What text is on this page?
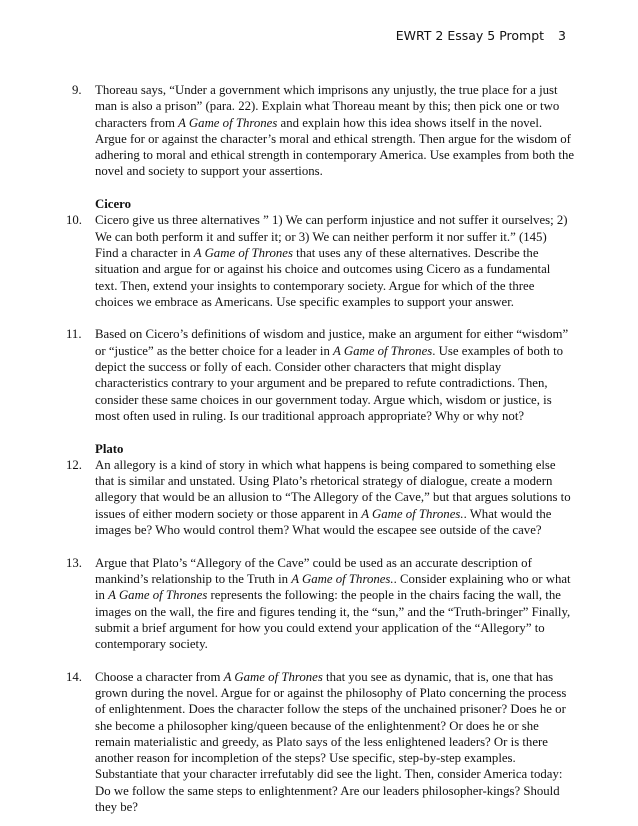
EWRT 2 Essay 5 Prompt 3
9.	Thoreau says, “Under a government which imprisons any unjustly, the true place for a just
man is also a prison” (para. 22). Explain what Thoreau meant by this; then pick one or two
characters from A Game of Thrones and explain how this idea shows itself in the novel.
Argue for or against the character’s moral and ethical strength. Then argue for the wisdom of
adhering to moral and ethical strength in contemporary America. Use examples from both the
novel and society to support your assertions.
Cicero
10.	Cicero give us three alternatives ” 1) We can perform injustice and not suffer it ourselves; 2)
We can both perform it and suffer it; or 3) We can neither perform it nor suffer it.” (145)
Find a character in A Game of Thrones that uses any of these alternatives. Describe the
situation and argue for or against his choice and outcomes using Cicero as a fundamental
text. Then, extend your insights to contemporary society. Argue for which of the three
choices we embrace as Americans. Use specific examples to support your answer.
11.	Based on Cicero’s definitions of wisdom and justice, make an argument for either “wisdom”
or “justice” as the better choice for a leader in A Game of Thrones. Use examples of both to
depict the success or folly of each. Consider other characters that might display
characteristics contrary to your argument and be prepared to refute contradictions. Then,
consider these same choices in our government today. Argue which, wisdom or justice, is
most often used in ruling. Is our traditional approach appropriate? Why or why not?
Plato
12.	An allegory is a kind of story in which what happens is being compared to something else
that is similar and unstated. Using Plato’s rhetorical strategy of dialogue, create a modern
allegory that would be an allusion to “The Allegory of the Cave,” but that argues solutions to
issues of either modern society or those apparent in A Game of Thrones.. What would the
images be? Who would control them? What would the escapee see outside of the cave?
13.	Argue that Plato’s “Allegory of the Cave” could be used as an accurate description of
mankind’s relationship to the Truth in A Game of Thrones.. Consider explaining who or what
in A Game of Thrones represents the following: the people in the chairs facing the wall, the
images on the wall, the fire and figures tending it, the “sun,” and the “Truth-bringer” Finally,
submit a brief argument for how you could extend your application of the “Allegory” to
contemporary society.
14.	Choose a character from A Game of Thrones that you see as dynamic, that is, one that has
grown during the novel. Argue for or against the philosophy of Plato concerning the process
of enlightenment. Does the character follow the steps of the unchained prisoner? Does he or
she become a philosopher king/queen because of the enlightenment? Or does he or she
remain materialistic and greedy, as Plato says of the less enlightened leaders? Or is there
another reason for incompletion of the steps? Use specific, step-by-step examples.
Substantiate that your character irrefutably did see the light. Then, consider America today:
Do we follow the same steps to enlightenment? Are our leaders philosopher-kings? Should
they be?
